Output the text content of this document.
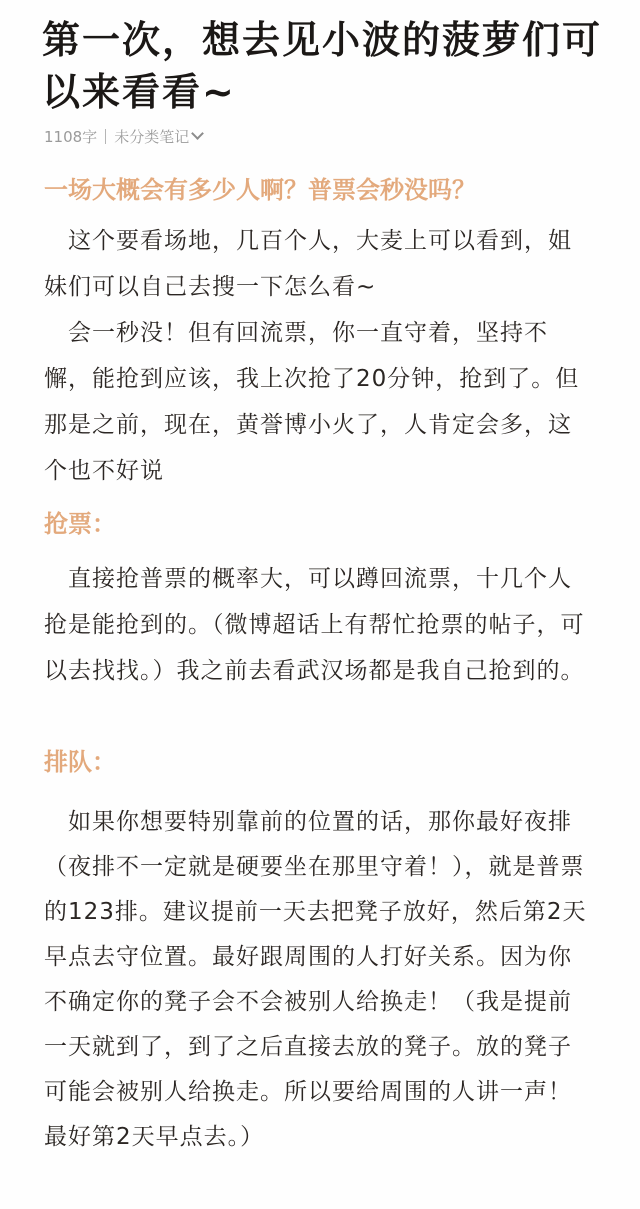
第一次，想去见小波的菠萝们可以来看看~
1108字 未分类笔记
一场大概会有多少人啊？普票会秒没吗？

这个要看场地，几百个人，大麦上可以看到，姐妹们可以自己去搜一下怎么看~

会一秒没！但有回流票，你一直守着，坚持不懈，能抢到应该，我上次抢了20分钟，抢到了。但那是之前，现在，黄誉博小火了，人肯定会多，这个也不好说

抢票：

直接抢普票的概率大，可以蹲回流票，十几个人抢是能抢到的。（微博超话上有帮忙抢票的帖子，可以去找找。）我之前去看武汉场都是我自己抢到的。

排队：

如果你想要特别靠前的位置的话，那你最好夜排（夜排不一定就是硬要坐在那里守着！），就是普票的123排。建议提前一天去把凳子放好，然后第2天早点去守位置。最好跟周围的人打好关系。因为你不确定你的凳子会不会被别人给换走！（我是提前一天就到了，到了之后直接去放的凳子。放的凳子可能会被别人给换走。所以要给周围的人讲一声！最好第2天早点去。）
